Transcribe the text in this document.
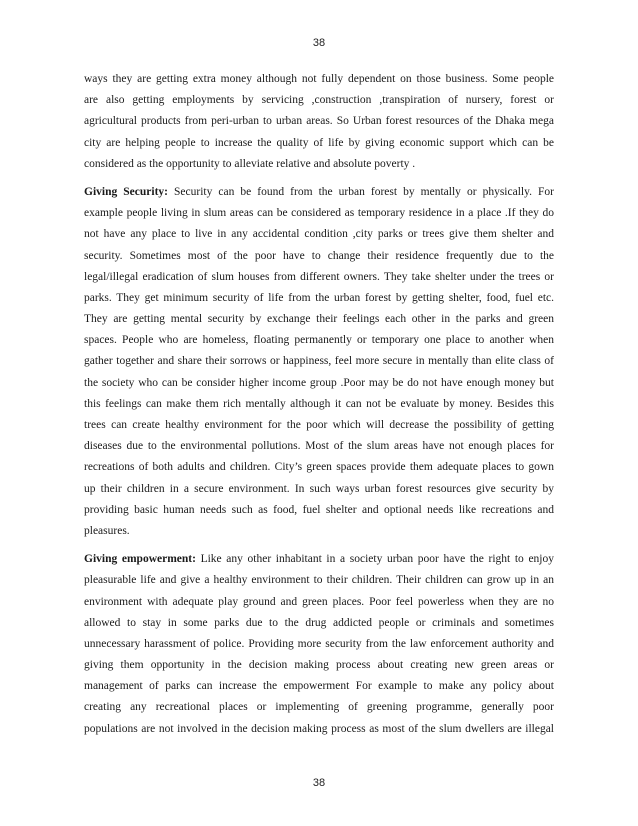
38
ways they are getting extra money although not fully dependent on those business. Some people
are also getting employments by servicing ,construction ,transpiration of nursery, forest or
agricultural products from peri-urban to urban areas. So Urban forest resources of the Dhaka mega
city are helping people to increase the quality of life by giving economic support which can be
considered as the opportunity to alleviate relative and absolute poverty .
Giving Security: Security can be found from the urban forest by mentally or physically. For
example people living in slum areas can be considered as temporary residence in a place .If they do
not have any place to live in any accidental condition ,city parks or trees give them shelter and
security. Sometimes most of the poor have to change their residence frequently due to the
legal/illegal eradication of slum houses from different owners. They take shelter under the trees or
parks. They get minimum security of life from the urban forest by getting shelter, food, fuel etc.
They are getting mental security by exchange their feelings each other in the parks and green
spaces. People who are homeless, floating permanently or temporary one place to another when
gather together and share their sorrows or happiness, feel more secure in mentally than elite class of
the society who can be consider higher income group .Poor may be do not have enough money but
this feelings can make them rich mentally although it can not be evaluate by money. Besides this
trees can create healthy environment for the poor which will decrease the possibility of getting
diseases due to the environmental pollutions. Most of the slum areas have not enough places for
recreations of both adults and children. City’s green spaces provide them adequate places to gown
up their children in a secure environment. In such ways urban forest resources give security by
providing basic human needs such as food, fuel shelter and optional needs like recreations and
pleasures.
Giving empowerment: Like any other inhabitant in a society urban poor have the right to enjoy
pleasurable life and give a healthy environment to their children. Their children can grow up in an
environment with adequate play ground and green places. Poor feel powerless when they are no
allowed to stay in some parks due to the drug addicted people or criminals and sometimes
unnecessary harassment of police. Providing more security from the law enforcement authority and
giving them opportunity in the decision making process about creating new green areas or
management of parks can increase the empowerment For example to make any policy about
creating any recreational places or implementing of greening programme, generally poor
populations are not involved in the decision making process as most of the slum dwellers are illegal
38
